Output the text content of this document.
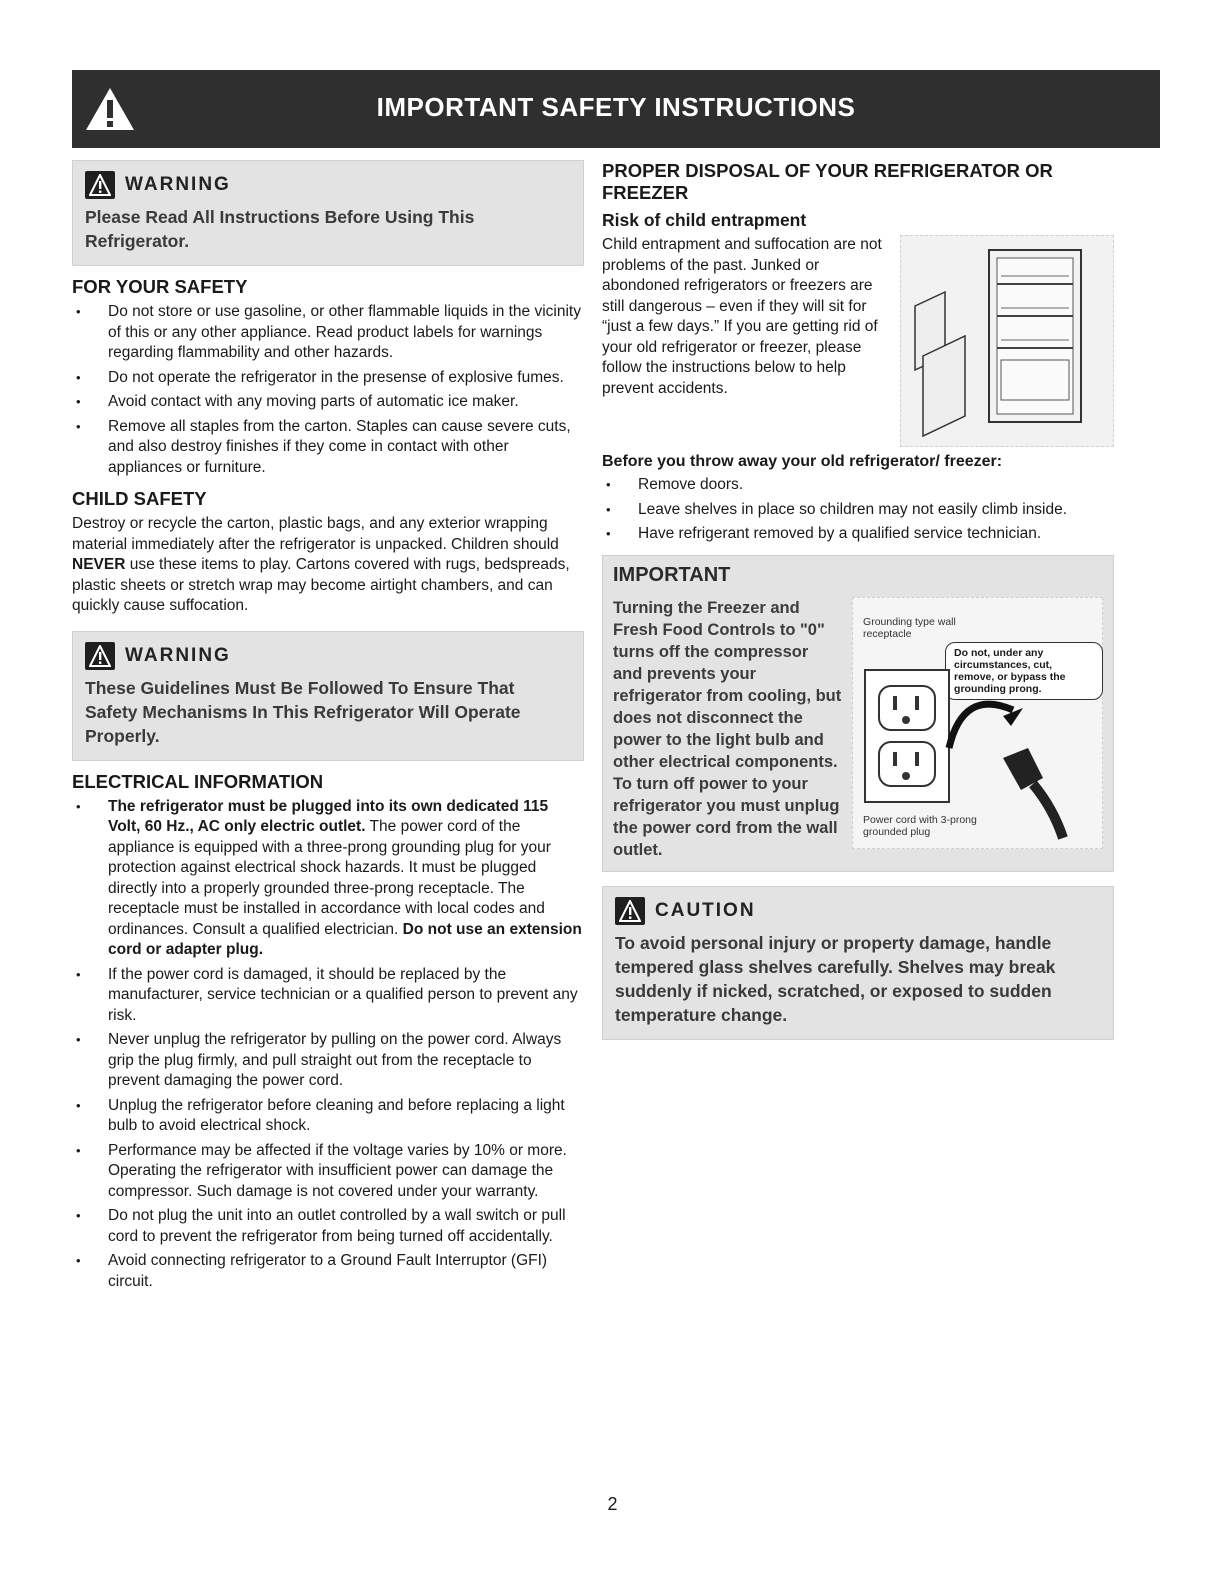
IMPORTANT SAFETY INSTRUCTIONS
WARNING
Please Read All Instructions Before Using This Refrigerator.
FOR YOUR SAFETY
• Do not store or use gasoline, or other flammable liquids in the vicinity of this or any other appliance. Read product labels for warnings regarding flammability and other hazards.
• Do not operate the refrigerator in the presense of explosive fumes.
• Avoid contact with any moving parts of automatic ice maker.
• Remove all staples from the carton. Staples can cause severe cuts, and also destroy finishes if they come in contact with other appliances or furniture.
CHILD SAFETY

Destroy or recycle the carton, plastic bags, and any exterior wrapping material immediately after the refrigerator is unpacked. Children should NEVER use these items to play. Cartons covered with rugs, bedspreads, plastic sheets or stretch wrap may become airtight chambers, and can quickly cause suffocation.

WARNING
These Guidelines Must Be Followed To Ensure That Safety Mechanisms In This Refrigerator Will Operate Properly.
ELECTRICAL INFORMATION
• The refrigerator must be plugged into its own dedicated 115 Volt, 60 Hz., AC only electric outlet. The power cord of the appliance is equipped with a three-prong grounding plug for your protection against electrical shock hazards. It must be plugged directly into a properly grounded three-prong receptacle. The receptacle must be installed in accordance with local codes and ordinances. Consult a qualified electrician. Do not use an extension cord or adapter plug.
• If the power cord is damaged, it should be replaced by the manufacturer, service technician or a qualified person to prevent any risk.
• Never unplug the refrigerator by pulling on the power cord. Always grip the plug firmly, and pull straight out from the receptacle to prevent damaging the power cord.
• Unplug the refrigerator before cleaning and before replacing a light bulb to avoid electrical shock.
• Performance may be affected if the voltage varies by 10% or more. Operating the refrigerator with insufficient power can damage the compressor. Such damage is not covered under your warranty.
• Do not plug the unit into an outlet controlled by a wall switch or pull cord to prevent the refrigerator from being turned off accidentally.
• Avoid connecting refrigerator to a Ground Fault Interruptor (GFI) circuit.
PROPER DISPOSAL OF YOUR REFRIGERATOR OR FREEZER
Risk of child entrapment

Child entrapment and suffocation are not problems of the past. Junked or abondoned refrigerators or freezers are still dangerous – even if they will sit for “just a few days.” If you are getting rid of your old refrigerator or freezer, please follow the instructions below to help prevent accidents.

Before you throw away your old refrigerator/ freezer:
• Remove doors.
• Leave shelves in place so children may not easily climb inside.
• Have refrigerant removed by a qualified service technician.
IMPORTANT
Turning the Freezer and Fresh Food Controls to "0" turns off the compressor and prevents your refrigerator from cooling, but does not disconnect the power to the light bulb and other electrical components. To turn off power to your refrigerator you must unplug the power cord from the wall outlet.
Grounding type wall receptacle
Do not, under any circumstances, cut, remove, or bypass the grounding prong.
Power cord with 3-prong grounded plug
CAUTION
To avoid personal injury or property damage, handle tempered glass shelves carefully. Shelves may break suddenly if nicked, scratched, or exposed to sudden temperature change.
2
